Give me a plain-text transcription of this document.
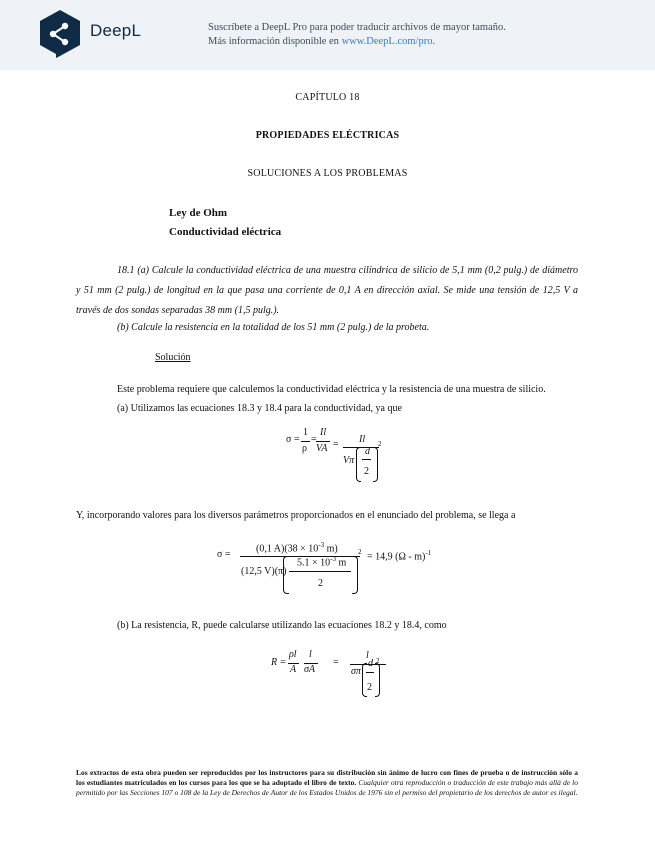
DeepL	Suscríbete a DeepL Pro para poder traducir archivos de mayor tamaño.
Más información disponible en www.DeepL.com/pro.
CAPÍTULO 18
PROPIEDADES ELÉCTRICAS
SOLUCIONES A LOS PROBLEMAS
Ley de Ohm
Conductividad eléctrica
18.1 (a) Calcule la conductividad eléctrica de una muestra cilíndrica de silicio de 5,1 mm (0,2 pulg.) de diámetro y 51 mm (2 pulg.) de longitud en la que pasa una corriente de 0,1 A en dirección axial. Se mide una tensión de 12,5 V a través de dos sondas separadas 38 mm (1,5 pulg.).
(b) Calcule la resistencia en la totalidad de los 51 mm (2 pulg.) de la probeta.
Solución
Este problema requiere que calculemos la conductividad eléctrica y la resistencia de una muestra de silicio.
(a) Utilizamos las ecuaciones 18.3 y 18.4 para la conductividad, ya que
σ =
1
ρ
=
Il
VA = Il
Vπ
d
2
2
Y, incorporando valores para los diversos parámetros proporcionados en el enunciado del problema, se llega a
σ =
(0,1 $A)(38 \times 10^{-3}$ m)
(12,5 V)(π)
$5.1 \times 10^{-3}$ m
2
2 = 14,9 (Ω - m)$^{-1}$
(b) La resistencia, R, puede calcularse utilizando las ecuaciones 18.2 y 18.4, como
R =
ρl
A
l
σA
=
l
σπ
d
2
2
Los extractos de esta obra pueden ser reproducidos por los instructores para su distribución sin ánimo de lucro con fines de prueba o de instrucción sólo a los estudiantes matriculados en los cursos para los que se ha adoptado el libro de texto. Cualquier otra reproducción o traducción de este trabajo más allá de lo permitido por las Secciones 107 o 108 de la Ley de Derechos de Autor de los Estados Unidos de 1976 sin el permiso del propietario de los derechos de autor es ilegal.
